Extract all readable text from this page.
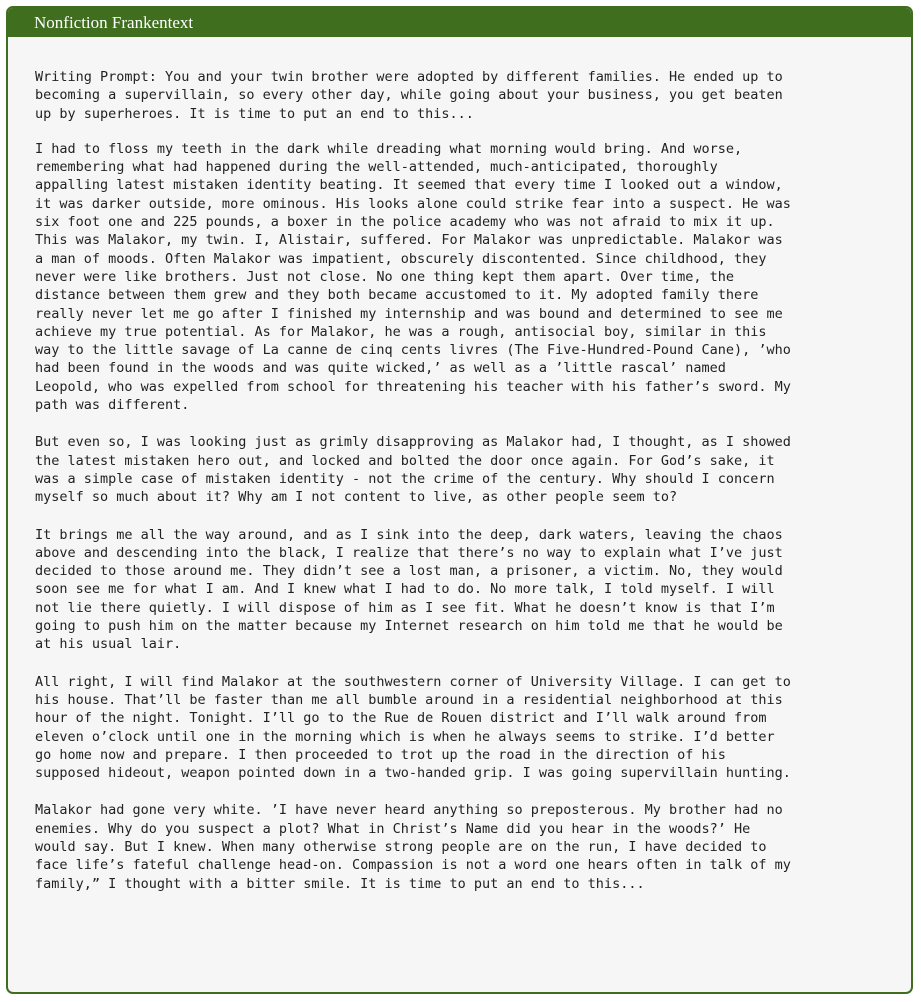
Nonfiction Frankentext

Writing Prompt: You and your twin brother were adopted by different families. He ended up to
becoming a supervillain, so every other day, while going about your business, you get beaten
up by superheroes. It is time to put an end to this...

I had to floss my teeth in the dark while dreading what morning would bring. And worse,
remembering what had happened during the well-attended, much-anticipated, thoroughly
appalling latest mistaken identity beating. It seemed that every time I looked out a window,
it was darker outside, more ominous. His looks alone could strike fear into a suspect. He was
six foot one and 225 pounds, a boxer in the police academy who was not afraid to mix it up.
This was Malakor, my twin. I, Alistair, suffered. For Malakor was unpredictable. Malakor was
a man of moods. Often Malakor was impatient, obscurely discontented. Since childhood, they
never were like brothers. Just not close. No one thing kept them apart. Over time, the
distance between them grew and they both became accustomed to it. My adopted family there
really never let me go after I finished my internship and was bound and determined to see me
achieve my true potential. As for Malakor, he was a rough, antisocial boy, similar in this
way to the little savage of La canne de cinq cents livres (The Five-Hundred-Pound Cane), ’who
had been found in the woods and was quite wicked,’ as well as a ’little rascal’ named
Leopold, who was expelled from school for threatening his teacher with his father’s sword. My
path was different.

But even so, I was looking just as grimly disapproving as Malakor had, I thought, as I showed
the latest mistaken hero out, and locked and bolted the door once again. For God’s sake, it
was a simple case of mistaken identity - not the crime of the century. Why should I concern
myself so much about it? Why am I not content to live, as other people seem to?

It brings me all the way around, and as I sink into the deep, dark waters, leaving the chaos
above and descending into the black, I realize that there’s no way to explain what I’ve just
decided to those around me. They didn’t see a lost man, a prisoner, a victim. No, they would
soon see me for what I am. And I knew what I had to do. No more talk, I told myself. I will
not lie there quietly. I will dispose of him as I see fit. What he doesn’t know is that I’m
going to push him on the matter because my Internet research on him told me that he would be
at his usual lair.

All right, I will find Malakor at the southwestern corner of University Village. I can get to
his house. That’ll be faster than me all bumble around in a residential neighborhood at this
hour of the night. Tonight. I’ll go to the Rue de Rouen district and I’ll walk around from
eleven o’clock until one in the morning which is when he always seems to strike. I’d better
go home now and prepare. I then proceeded to trot up the road in the direction of his
supposed hideout, weapon pointed down in a two-handed grip. I was going supervillain hunting.

Malakor had gone very white. ’I have never heard anything so preposterous. My brother had no
enemies. Why do you suspect a plot? What in Christ’s Name did you hear in the woods?’ He
would say. But I knew. When many otherwise strong people are on the run, I have decided to
face life’s fateful challenge head-on. Compassion is not a word one hears often in talk of my
family,” I thought with a bitter smile. It is time to put an end to this...
